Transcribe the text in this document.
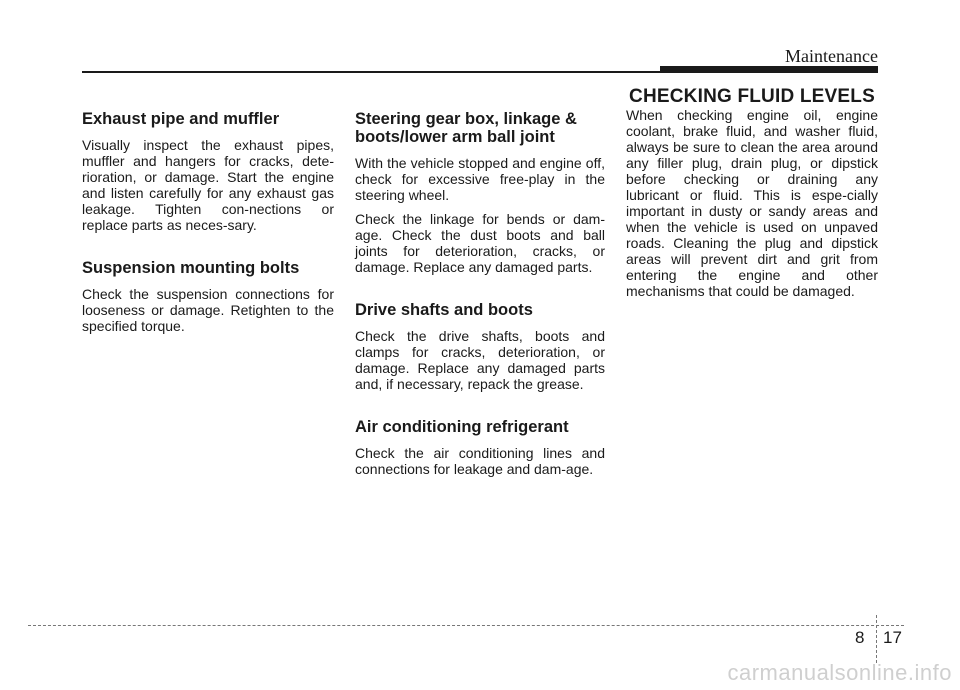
Maintenance
Exhaust pipe and muffler

Visually inspect the exhaust pipes, muffler and hangers for cracks, dete-rioration, or damage. Start the engine and listen carefully for any exhaust gas leakage. Tighten con-nections or replace parts as neces-sary.

Suspension mounting bolts

Check the suspension connections for looseness or damage. Retighten to the specified torque.

Steering gear box, linkage & boots/lower arm ball joint

With the vehicle stopped and engine off, check for excessive free-play in the steering wheel.

Check the linkage for bends or dam-age. Check the dust boots and ball joints for deterioration, cracks, or damage. Replace any damaged parts.

Drive shafts and boots

Check the drive shafts, boots and clamps for cracks, deterioration, or damage. Replace any damaged parts and, if necessary, repack the grease.

Air conditioning refrigerant

Check the air conditioning lines and connections for leakage and dam-age.

CHECKING FLUID LEVELS

When checking engine oil, engine coolant, brake fluid, and washer fluid, always be sure to clean the area around any filler plug, drain plug, or dipstick before checking or draining any lubricant or fluid. This is espe-cially important in dusty or sandy areas and when the vehicle is used on unpaved roads. Cleaning the plug and dipstick areas will prevent dirt and grit from entering the engine and other mechanisms that could be damaged.

8 17
carmanualsonline.info
